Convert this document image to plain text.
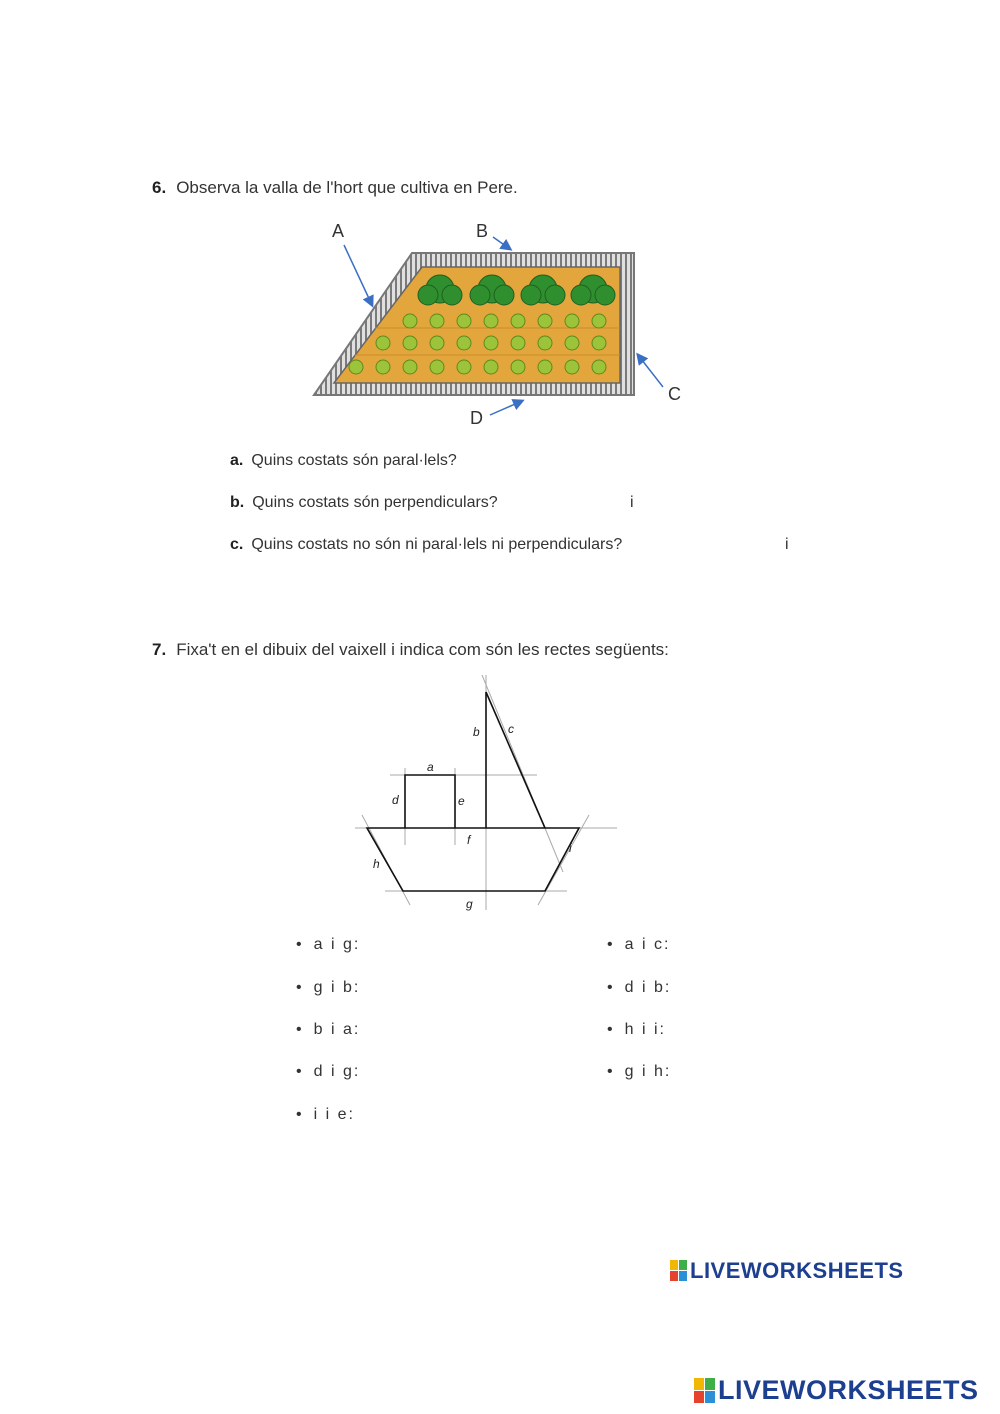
6. Observa la valla de l'hort que cultiva en Pere.
A	B
C
D
a. Quins costats són paral·lels?
b. Quins costats són perpendiculars?	i
c. Quins costats no són ni paral·lels ni perpendiculars?	i
7. Fixa't en el dibuix del vaixell i indica com són les rectes següents:
a
b c
d	e
f
g
h
i
• a i g:
• g i b:
• b i a:
• d i g:
• i i e:
• a i c:
• d i b:
• h i i:
• g i h:
LIVEWORKSHEETS
LIVEWORKSHEETS
